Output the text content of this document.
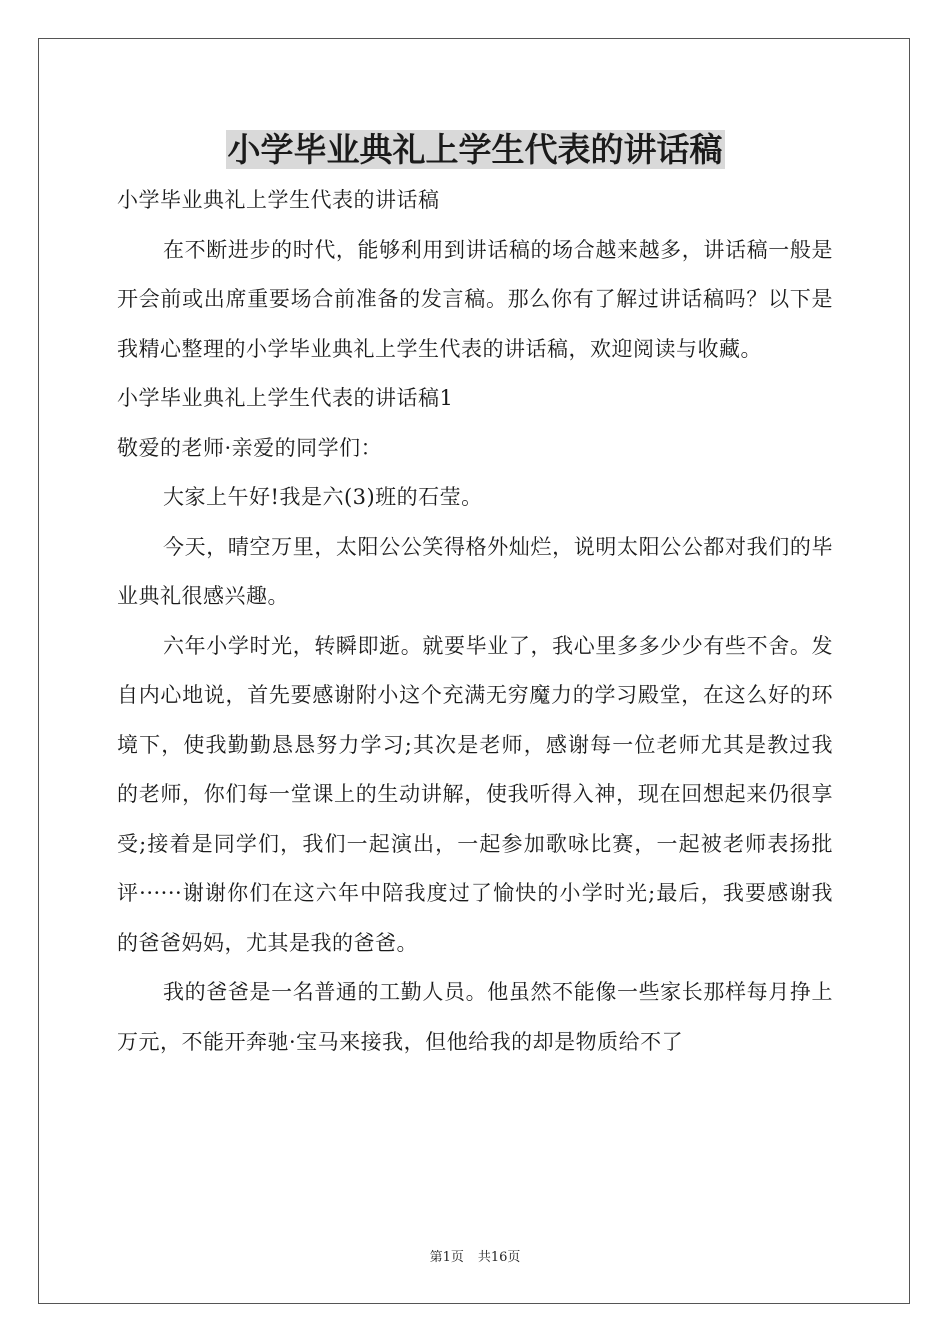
小学毕业典礼上学生代表的讲话稿

小学毕业典礼上学生代表的讲话稿

在不断进步的时代，能够利用到讲话稿的场合越来越多，讲话稿一般是开会前或出席重要场合前准备的发言稿。那么你有了解过讲话稿吗？以下是我精心整理的小学毕业典礼上学生代表的讲话稿，欢迎阅读与收藏。

小学毕业典礼上学生代表的讲话稿1

敬爱的老师·亲爱的同学们：

大家上午好!我是六(3)班的石莹。

今天，晴空万里，太阳公公笑得格外灿烂，说明太阳公公都对我们的毕业典礼很感兴趣。

六年小学时光，转瞬即逝。就要毕业了，我心里多多少少有些不舍。发自内心地说，首先要感谢附小这个充满无穷魔力的学习殿堂，在这么好的环境下，使我勤勤恳恳努力学习;其次是老师，感谢每一位老师尤其是教过我的老师，你们每一堂课上的生动讲解，使我听得入神，现在回想起来仍很享受;接着是同学们，我们一起演出，一起参加歌咏比赛，一起被老师表扬批评······谢谢你们在这六年中陪我度过了愉快的小学时光;最后，我要感谢我的爸爸妈妈，尤其是我的爸爸。

我的爸爸是一名普通的工勤人员。他虽然不能像一些家长那样每月挣上万元，不能开奔驰·宝马来接我，但他给我的却是物质给不了

第1页 共16页
